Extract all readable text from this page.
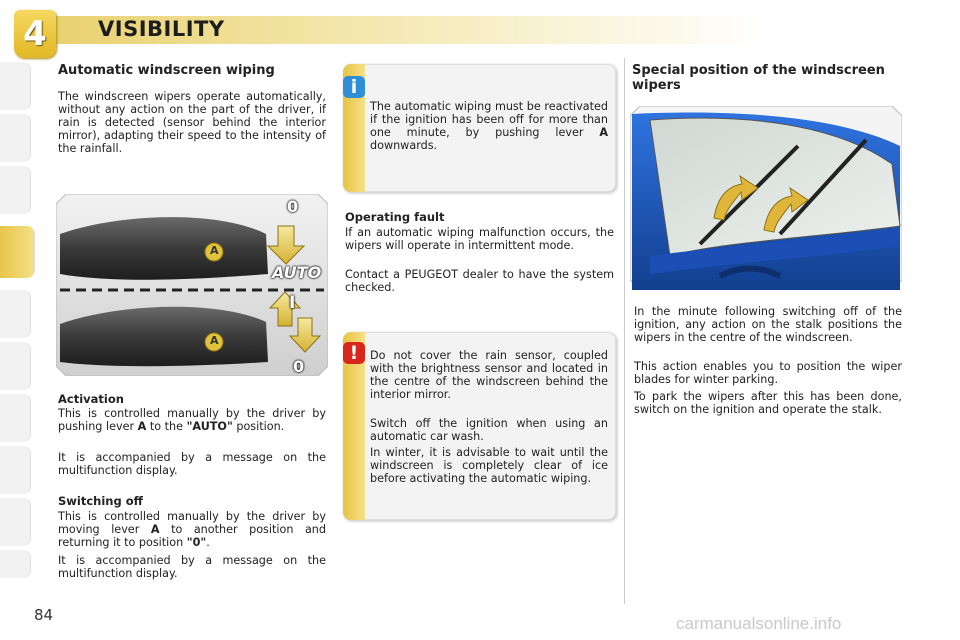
4	VISIBILITY
Automatic windscreen wiping
The windscreen wipers operate automatically, without any action on the part of the driver, if rain is detected (sensor behind the interior mirror), adapting their speed to the intensity of the rainfall.
0
AUTO
I
0
A
A
Activation
This is controlled manually by the driver by pushing lever A to the "AUTO" position.
It is accompanied by a message on the multifunction display.
Switching off
This is controlled manually by the driver by moving lever A to another position and returning it to position "0".
It is accompanied by a message on the multifunction display.
i
The automatic wiping must be reactivated if the ignition has been off for more than one minute, by pushing lever A downwards.
Operating fault
If an automatic wiping malfunction occurs, the wipers will operate in intermittent mode.
Contact a PEUGEOT dealer to have the system checked.
!	Do not cover the rain sensor, coupled with the brightness sensor and located in the centre of the windscreen behind the interior mirror.
Switch off the ignition when using an automatic car wash.
In winter, it is advisable to wait until the windscreen is completely clear of ice before activating the automatic wiping.
Special position of the windscreen wipers
In the minute following switching off of the ignition, any action on the stalk positions the wipers in the centre of the windscreen.
This action enables you to position the wiper blades for winter parking.
To park the wipers after this has been done, switch on the ignition and operate the stalk.
84	carmanualsonline.info
